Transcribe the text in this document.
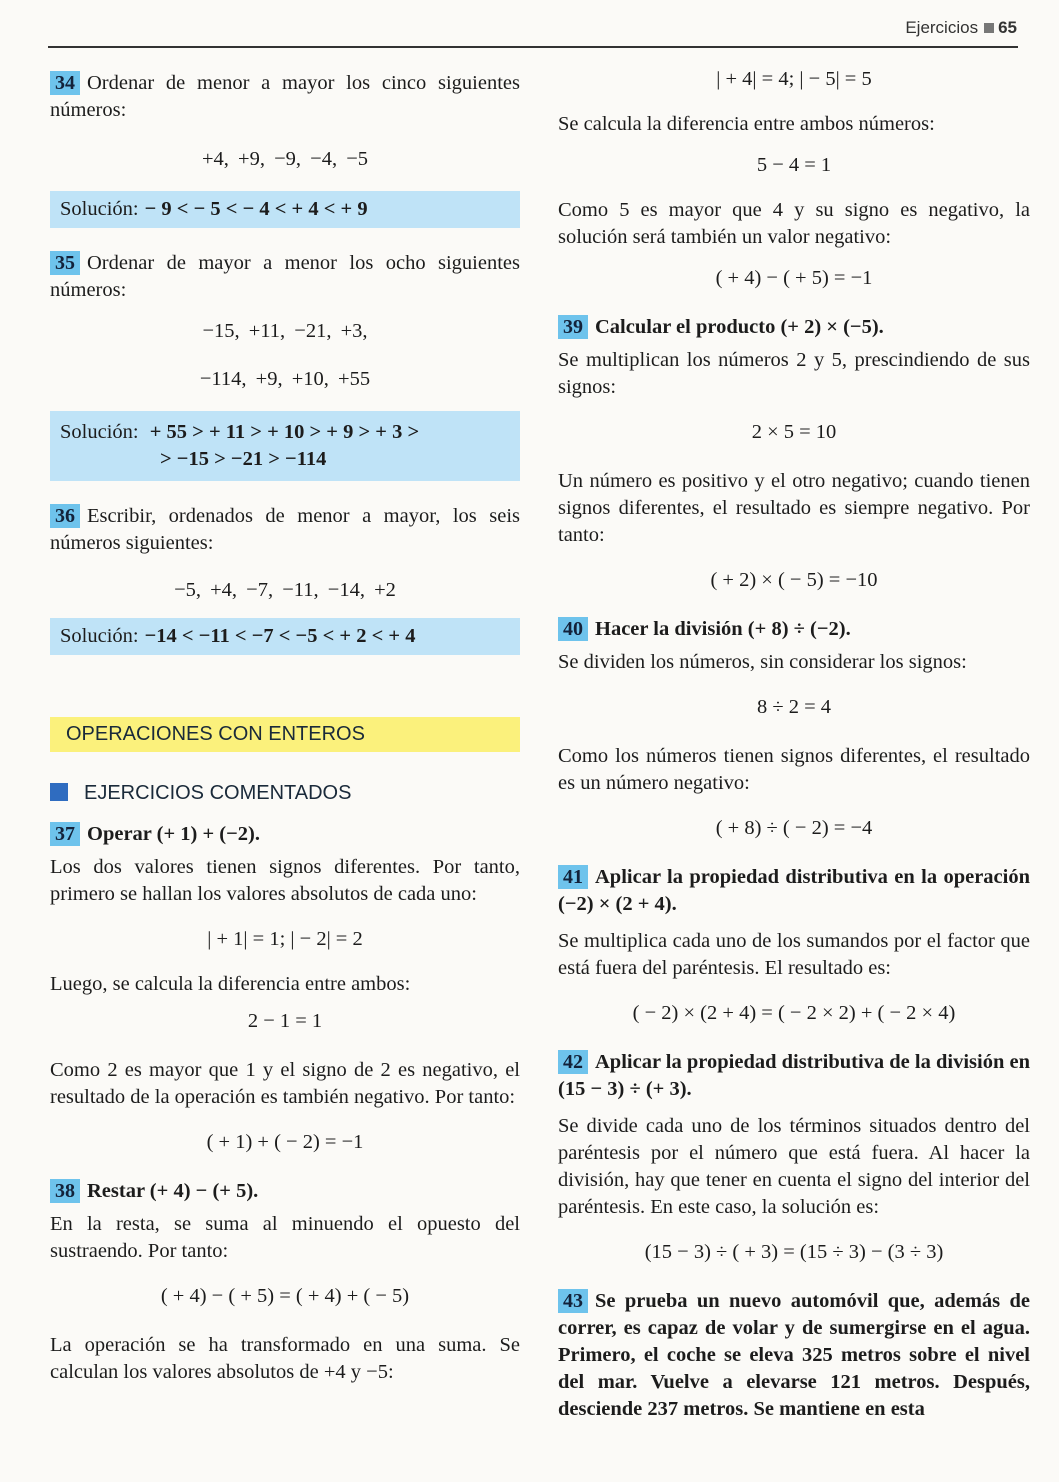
Ejercicios 65

34 Ordenar de menor a mayor los cinco siguientes números:

+4, +9, −9, −4, −5

Solución: − 9 < − 5 < − 4 < + 4 < + 9

35 Ordenar de mayor a menor los ocho siguientes números:

−15, +11, −21, +3,

−114, +9, +10, +55

Solución: + 55 > + 11 > + 10 > + 9 > + 3 >
> −15 > −21 > −114

36 Escribir, ordenados de menor a mayor, los seis números siguientes:

−5, +4, −7, −11, −14, +2

Solución: −14 < −11 < −7 < −5 < + 2 < + 4

OPERACIONES CON ENTEROS

EJERCICIOS COMENTADOS

37 Operar (+ 1) + (−2).

Los dos valores tienen signos diferentes. Por tanto, primero se hallan los valores absolutos de cada uno:

| + 1| = 1; | − 2| = 2

Luego, se calcula la diferencia entre ambos:

2 − 1 = 1

Como 2 es mayor que 1 y el signo de 2 es negativo, el resultado de la operación es también negativo. Por tanto:

( + 1) + ( − 2) = −1

38 Restar (+ 4) − (+ 5).

En la resta, se suma al minuendo el opuesto del sustraendo. Por tanto:

( + 4) − ( + 5) = ( + 4) + ( − 5)

La operación se ha transformado en una suma. Se calculan los valores absolutos de +4 y −5:

| + 4| = 4; | − 5| = 5

Se calcula la diferencia entre ambos números:

5 − 4 = 1

Como 5 es mayor que 4 y su signo es negativo, la solución será también un valor negativo:

( + 4) − ( + 5) = −1

39 Calcular el producto (+ 2) × (−5).

Se multiplican los números 2 y 5, prescindiendo de sus signos:

2 × 5 = 10

Un número es positivo y el otro negativo; cuando tienen signos diferentes, el resultado es siempre negativo. Por tanto:

( + 2) × ( − 5) = −10

40 Hacer la división (+ 8) ÷ (−2).

Se dividen los números, sin considerar los signos:

8 ÷ 2 = 4

Como los números tienen signos diferentes, el resultado es un número negativo:

( + 8) ÷ ( − 2) = −4

41 Aplicar la propiedad distributiva en la operación (−2) × (2 + 4).

Se multiplica cada uno de los sumandos por el factor que está fuera del paréntesis. El resultado es:

( − 2) × (2 + 4) = ( − 2 × 2) + ( − 2 × 4)

42 Aplicar la propiedad distributiva de la división en (15 − 3) ÷ (+ 3).

Se divide cada uno de los términos situados dentro del paréntesis por el número que está fuera. Al hacer la división, hay que tener en cuenta el signo del interior del paréntesis. En este caso, la solución es:

(15 − 3) ÷ ( + 3) = (15 ÷ 3) − (3 ÷ 3)

43 Se prueba un nuevo automóvil que, además de correr, es capaz de volar y de sumergirse en el agua. Primero, el coche se eleva 325 metros sobre el nivel del mar. Vuelve a elevarse 121 metros. Después, desciende 237 metros. Se mantiene en esta
